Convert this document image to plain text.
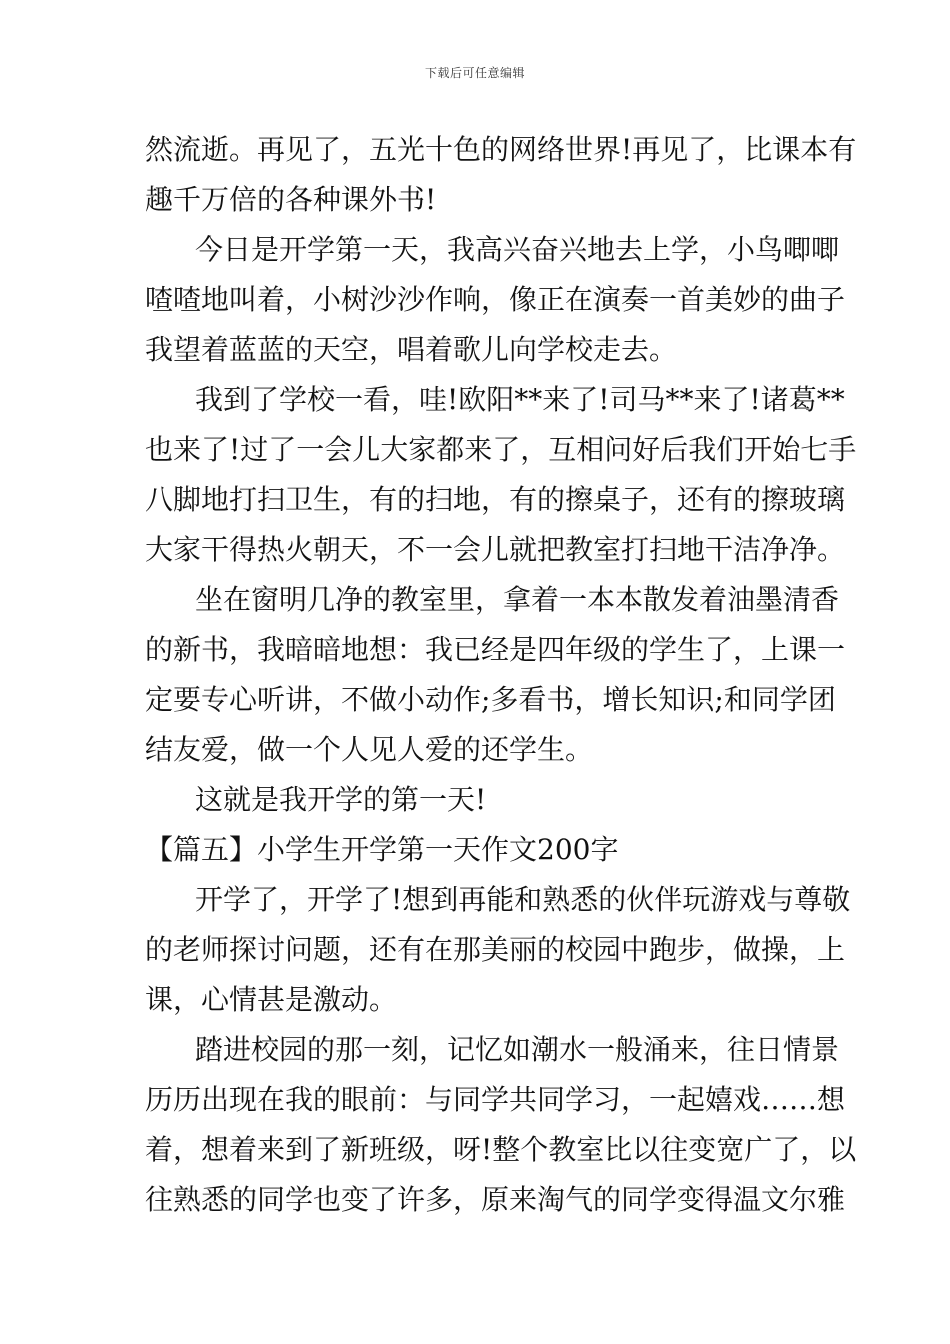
下载后可任意编辑
然流逝。再见了，五光十色的网络世界!再见了，比课本有
趣千万倍的各种课外书!
今日是开学第一天，我高兴奋兴地去上学，小鸟唧唧
喳喳地叫着，小树沙沙作响，像正在演奏一首美妙的曲子
我望着蓝蓝的天空，唱着歌儿向学校走去。
我到了学校一看，哇!欧阳**来了!司马**来了!诸葛**
也来了!过了一会儿大家都来了，互相问好后我们开始七手
八脚地打扫卫生，有的扫地，有的擦桌子，还有的擦玻璃
大家干得热火朝天，不一会儿就把教室打扫地干洁净净。
坐在窗明几净的教室里，拿着一本本散发着油墨清香
的新书，我暗暗地想：我已经是四年级的学生了，上课一
定要专心听讲，不做小动作;多看书，增长知识;和同学团
结友爱，做一个人见人爱的还学生。
这就是我开学的第一天!
【篇五】小学生开学第一天作文200字
开学了，开学了!想到再能和熟悉的伙伴玩游戏与尊敬
的老师探讨问题，还有在那美丽的校园中跑步，做操，上
课，心情甚是激动。
踏进校园的那一刻，记忆如潮水一般涌来，往日情景
历历出现在我的眼前：与同学共同学习，一起嬉戏……想
着，想着来到了新班级，呀!整个教室比以往变宽广了，以
往熟悉的同学也变了许多，原来淘气的同学变得温文尔雅
